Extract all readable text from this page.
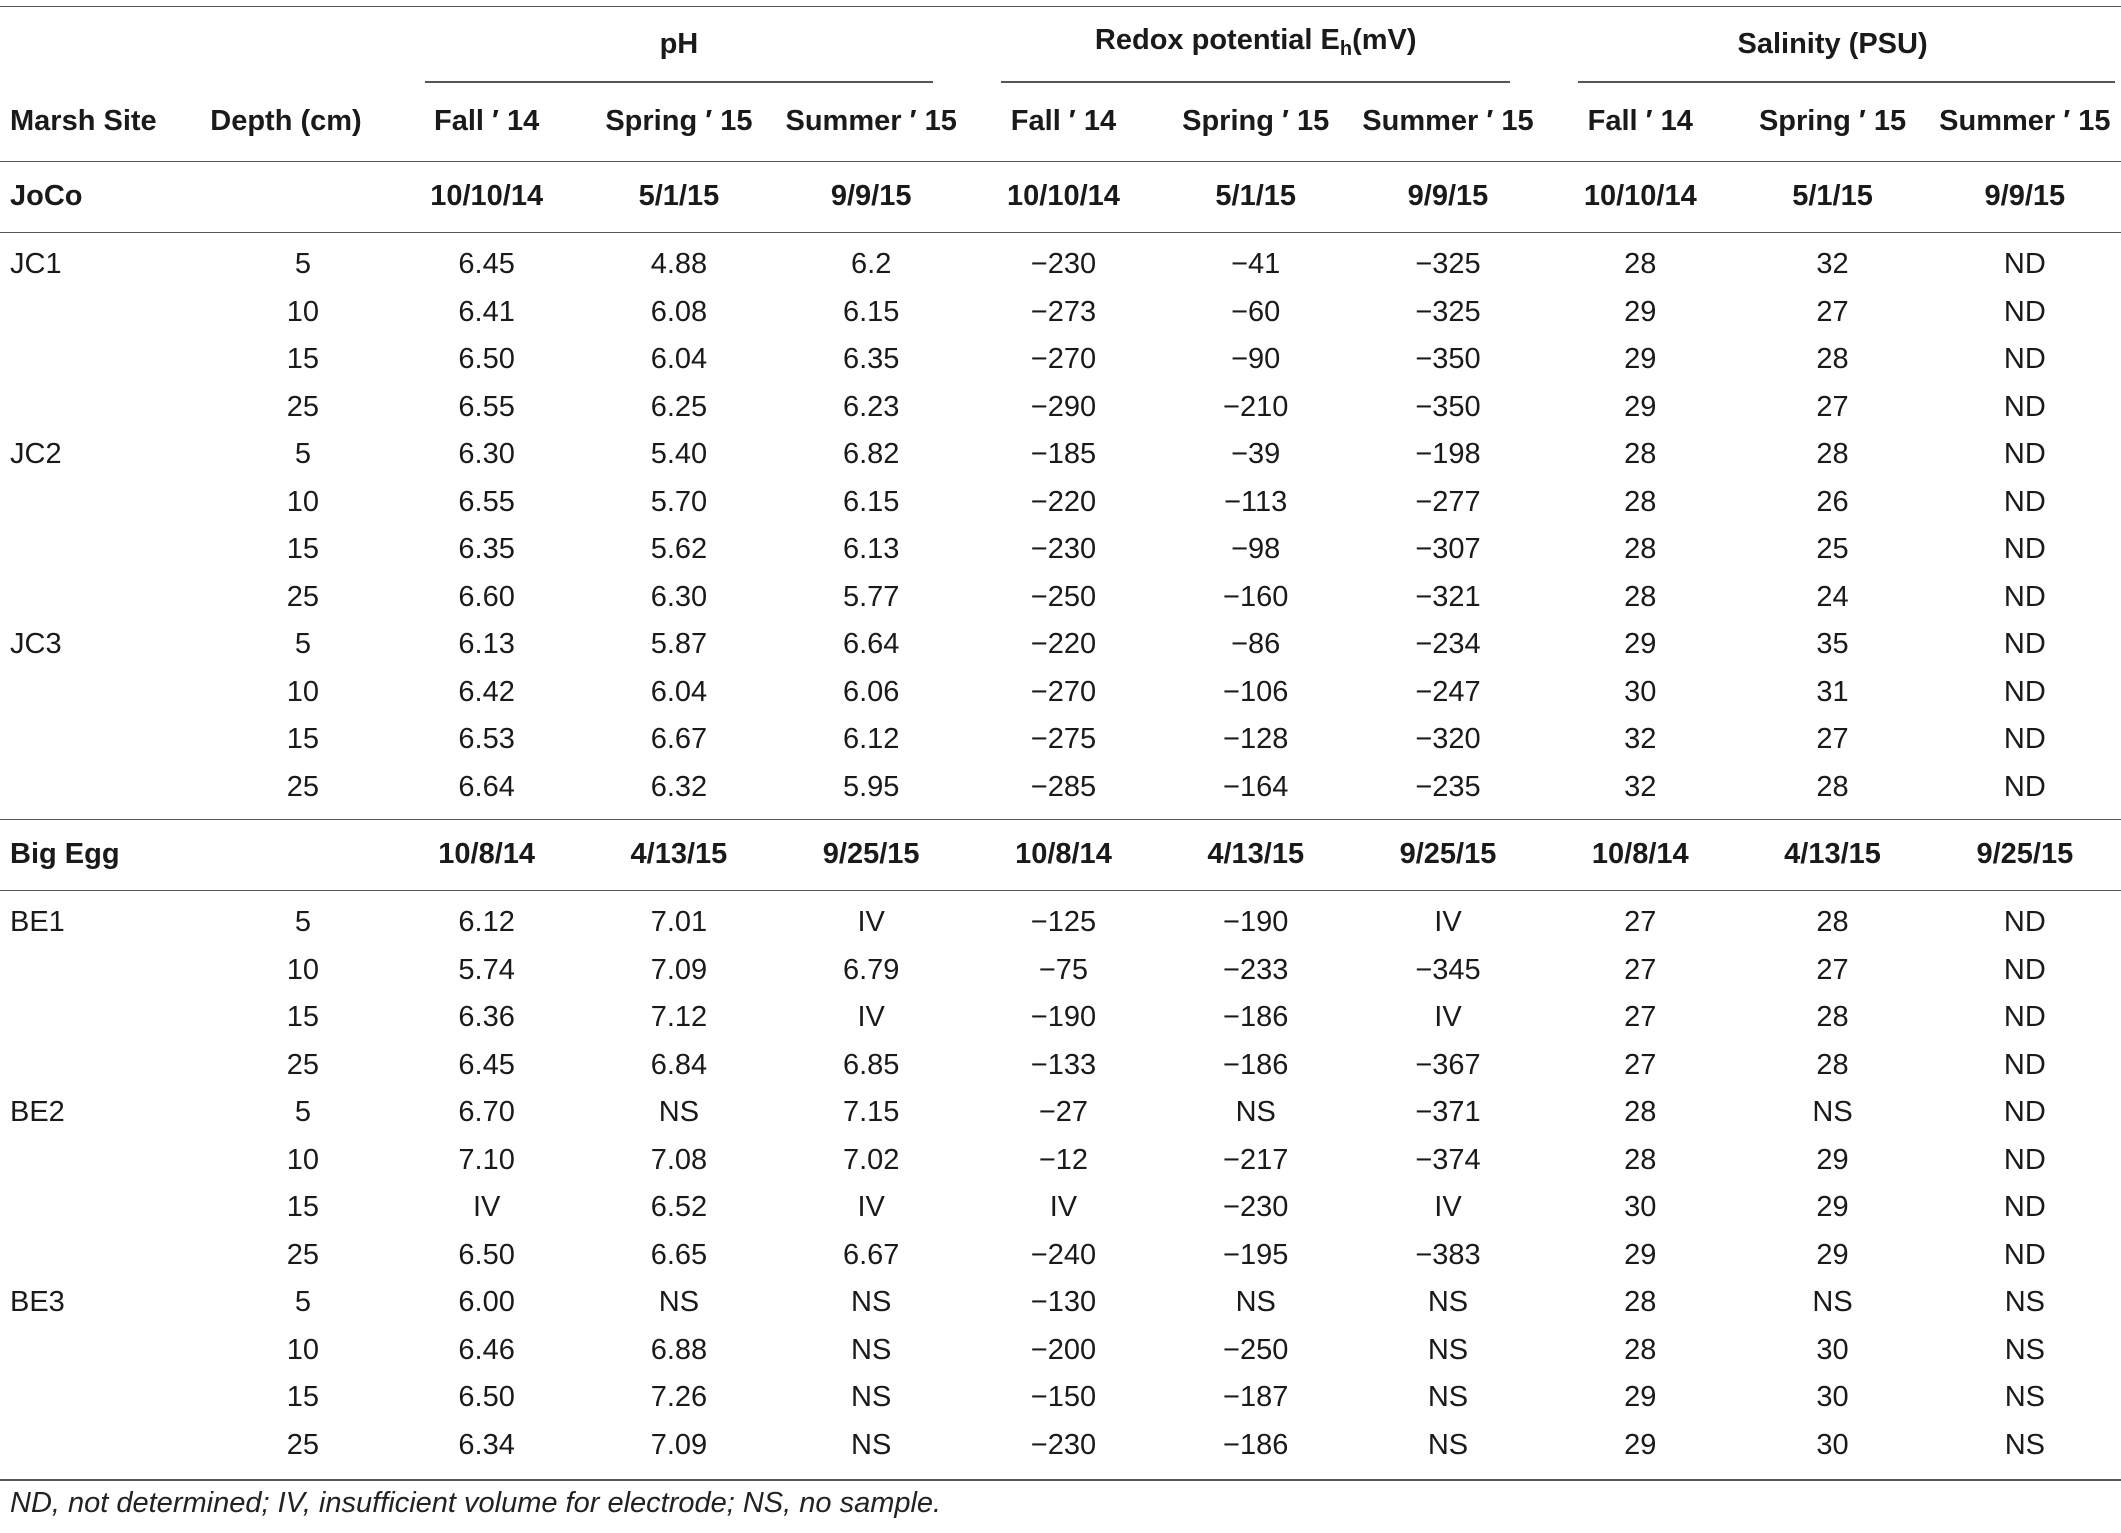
		pH			Redox potential $E_h(mV)$			Salinity (PSU)		

Marsh Site	Depth (cm)	Fall ′ 14	Spring ′ 15	Summer ′ 15	Fall ′ 14	Spring ′ 15	Summer ′ 15	Fall ′ 14	Spring ′ 15	Summer ′ 15
JoCo		10/10/14	5/1/15	9/9/15	10/10/14	5/1/15	9/9/15	10/10/14	5/1/15	9/9/15
JC1	5	6.45	4.88	6.2	−230	−41	−325	28	32	ND
	10	6.41	6.08	6.15	−273	−60	−325	29	27	ND
	15	6.50	6.04	6.35	−270	−90	−350	29	28	ND
	25	6.55	6.25	6.23	−290	−210	−350	29	27	ND
JC2	5	6.30	5.40	6.82	−185	−39	−198	28	28	ND
	10	6.55	5.70	6.15	−220	−113	−277	28	26	ND
	15	6.35	5.62	6.13	−230	−98	−307	28	25	ND
	25	6.60	6.30	5.77	−250	−160	−321	28	24	ND
JC3	5	6.13	5.87	6.64	−220	−86	−234	29	35	ND
	10	6.42	6.04	6.06	−270	−106	−247	30	31	ND
	15	6.53	6.67	6.12	−275	−128	−320	32	27	ND
	25	6.64	6.32	5.95	−285	−164	−235	32	28	ND
Big Egg		10/8/14	4/13/15	9/25/15	10/8/14	4/13/15	9/25/15	10/8/14	4/13/15	9/25/15
BE1	5	6.12	7.01	IV	−125	−190	IV	27	28	ND
	10	5.74	7.09	6.79	−75	−233	−345	27	27	ND
	15	6.36	7.12	IV	−190	−186	IV	27	28	ND
	25	6.45	6.84	6.85	−133	−186	−367	27	28	ND
BE2	5	6.70	NS	7.15	−27	NS	−371	28	NS	ND
	10	7.10	7.08	7.02	−12	−217	−374	28	29	ND
	15	IV	6.52	IV	IV	−230	IV	30	29	ND
	25	6.50	6.65	6.67	−240	−195	−383	29	29	ND
BE3	5	6.00	NS	NS	−130	NS	NS	28	NS	NS
	10	6.46	6.88	NS	−200	−250	NS	28	30	NS
	15	6.50	7.26	NS	−150	−187	NS	29	30	NS
	25	6.34	7.09	NS	−230	−186	NS	29	30	NS
ND, not determined; IV, insufficient volume for electrode; NS, no sample.
